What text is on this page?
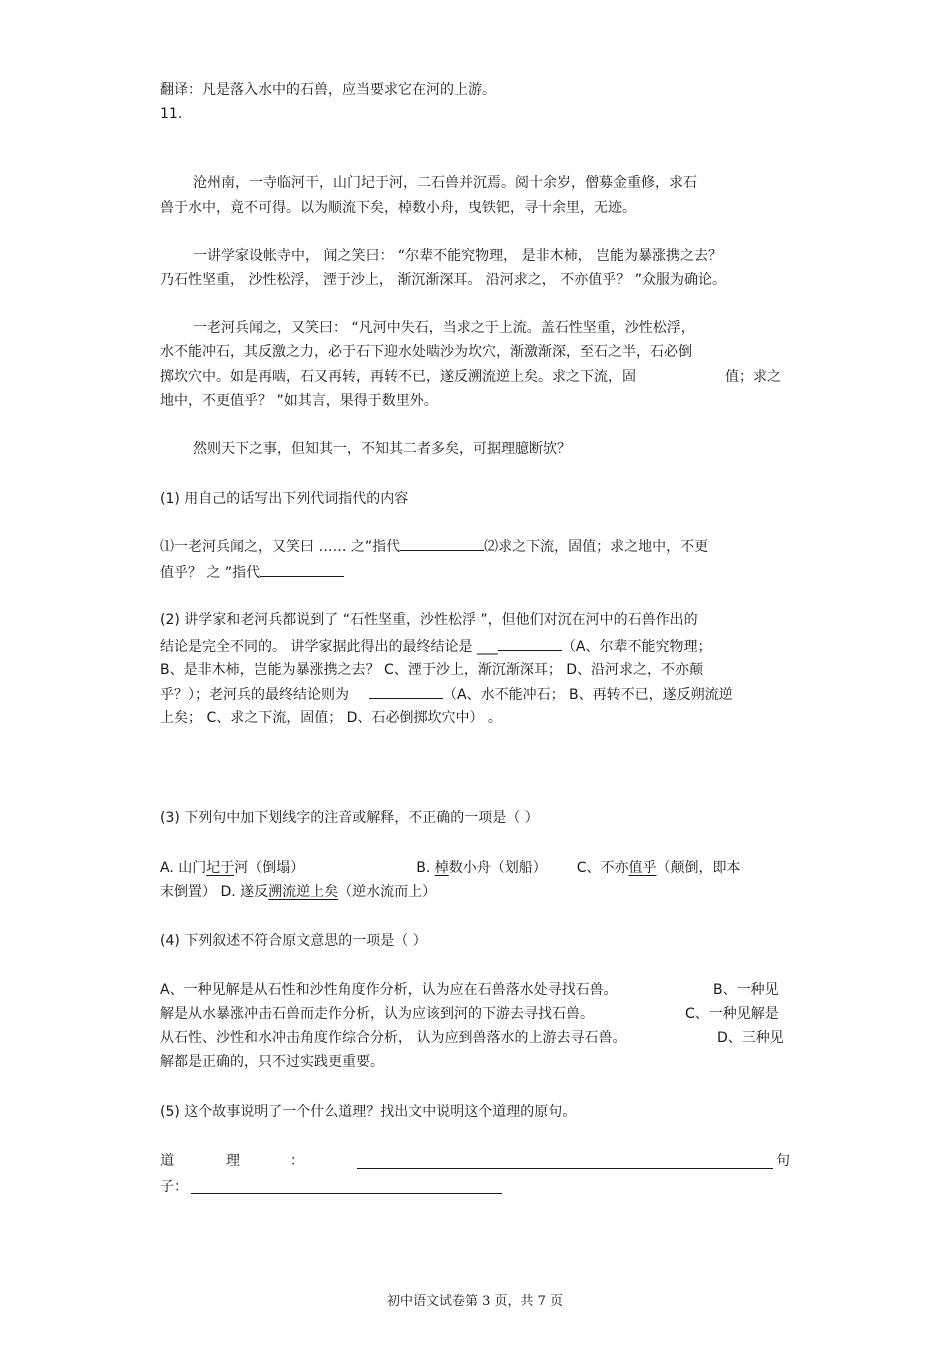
翻译：凡是落入水中的石兽，应当要求它在河的上游。
11.
沧州南，一寺临河干，山门圮于河，二石兽并沉焉。阅十余岁，僧募金重修，求石
兽于水中，竟不可得。以为顺流下矣，棹数小舟，曳铁钯，寻十余里，无迹。
一讲学家设帐寺中， 闻之笑曰： “尔辈不能究物理， 是非木柿， 岂能为暴涨携之去？
乃石性坚重， 沙性松浮， 湮于沙上， 渐沉渐深耳。 沿河求之， 不亦值乎？ ”众服为确论。
一老河兵闻之，又笑曰： “凡河中失石，当求之于上流。盖石性坚重，沙性松浮，
水不能冲石，其反激之力，必于石下迎水处啮沙为坎穴，渐激渐深，至石之半，石必倒
掷坎穴中。如是再啮，石又再转，再转不已，遂反溯流逆上矣。求之下流，固	值；求之
地中，不更值乎？ ”如其言，果得于数里外。
然则天下之事，但知其一，不知其二者多矣，可据理臆断欤？
(1) 用自己的话写出下列代词指代的内容
⑴一老河兵闻之，又笑曰 …… 之”指代	⑵求之下流，固值；求之地中，不更
值乎？ 之 ”指代
(2) 讲学家和老河兵都说到了 “石性坚重，沙性松浮 ”，但他们对沉在河中的石兽作出的
结论是完全不同的。 讲学家据此得出的最终结论是 ___	（A、尔辈不能究物理；
B、是非木柿，岂能为暴涨携之去？ C、湮于沙上，渐沉渐深耳； D、沿河求之，不亦颠
乎？）；老河兵的最终结论则为	（A、水不能冲石； B、再转不已，遂反朔流逆
上矣； C、求之下流，固值； D、石必倒掷坎穴中） 。
(3) 下列句中加下划线字的注音或解释，不正确的一项是（ ）
A. 山门圮于河（倒塌）	B. 棹数小舟（划船） C、不亦值乎（颠倒，即本
末倒置） D. 遂反溯流逆上矣（逆水流而上）
(4) 下列叙述不符合原文意思的一项是（ ）
A、一种见解是从石性和沙性角度作分析，认为应在石兽落水处寻找石兽。	B、一种见
解是从水暴涨冲击石兽而走作分析，认为应该到河的下游去寻找石兽。	C、一种见解是
从石性、沙性和水冲击角度作综合分析， 认为应到兽落水的上游去寻石兽。	D、三种见
解都是正确的，只不过实践更重要。
(5) 这个故事说明了一个什么道理？找出文中说明这个道理的原句。
道	理	：	句
子：
初中语文试卷第 3 页，共 7 页
